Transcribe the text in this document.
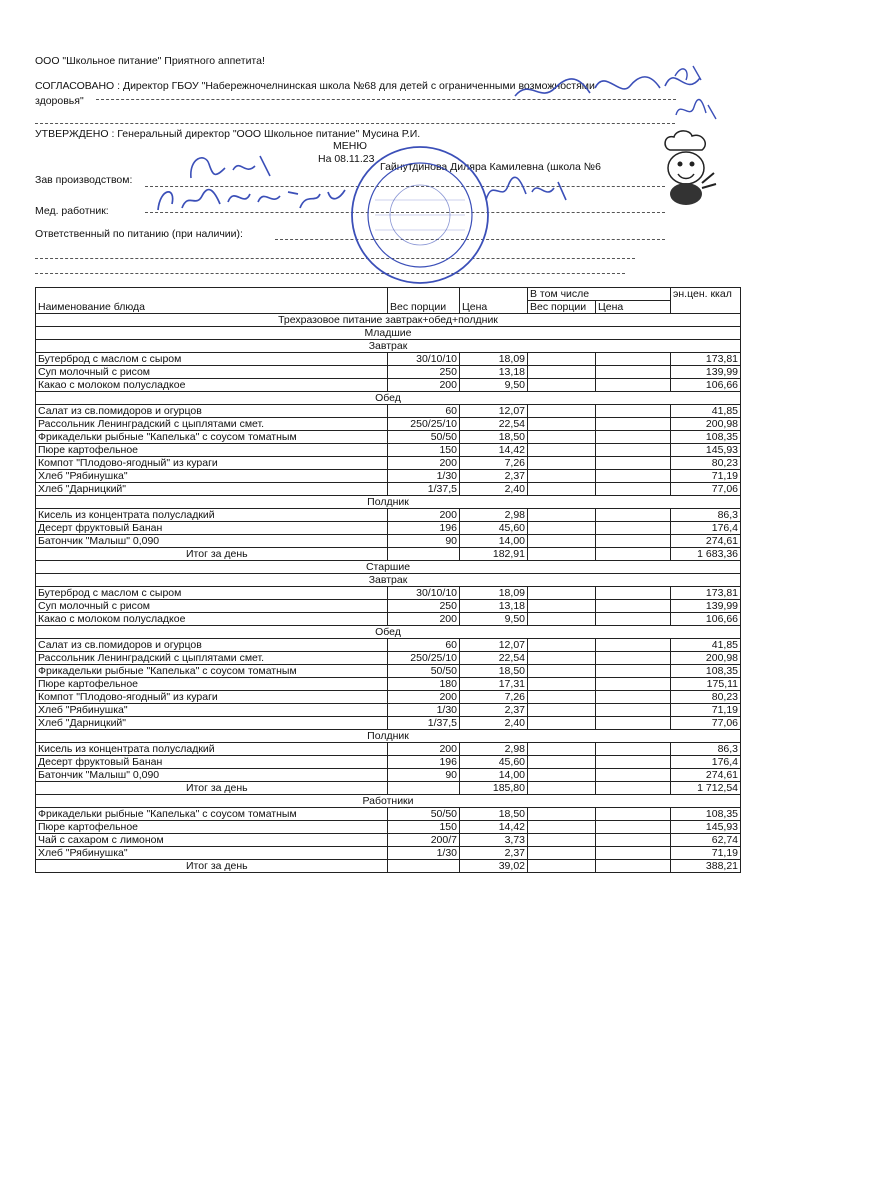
ООО "Школьное питание" Приятного аппетита!
СОГЛАСОВАНО : Директор ГБОУ "Набережночелнинская школа №68 для детей с ограниченными возможностями
здоровья"
УТВЕРЖДЕНО : Генеральный директор "ООО Школьное питание" Мусина Р.И.
МЕНЮ
На 08.11.23
Зав производством:
Гайнутдинова Диляра Камилевна (школа №6
Мед. работник:
Ответственный по питанию (при наличии):
Наименование блюда	Вес порции	Цена	В том числе		эн.цен. ккал
			Вес порции	Цена	
Трехразовое питание завтрак+обед+полдник					
Младшие					
Завтрак					
Бутерброд с маслом с сыром	30/10/10	18,09			173,81
Суп молочный с рисом	250	13,18			139,99
Какао с молоком полусладкое	200	9,50			106,66
Обед					
Салат из св.помидоров и огурцов	60	12,07			41,85
Рассольник Ленинградский с цыплятами смет.	250/25/10	22,54			200,98
Фрикадельки рыбные "Капелька" с соусом томатным	50/50	18,50			108,35
Пюре картофельное	150	14,42			145,93
Компот "Плодово-ягодный" из кураги	200	7,26			80,23
Хлеб "Рябинушка"	1/30	2,37			71,19
Хлеб "Дарницкий"	1/37,5	2,40			77,06
Полдник					
Кисель из концентрата полусладкий	200	2,98			86,3
Десерт фруктовый Банан	196	45,60			176,4
Батончик "Малыш" 0,090	90	14,00			274,61
Итог за день		182,91			1 683,36
Старшие					
Завтрак					
Бутерброд с маслом с сыром	30/10/10	18,09			173,81
Суп молочный с рисом	250	13,18			139,99
Какао с молоком полусладкое	200	9,50			106,66
Обед					
Салат из св.помидоров и огурцов	60	12,07			41,85
Рассольник Ленинградский с цыплятами смет.	250/25/10	22,54			200,98
Фрикадельки рыбные "Капелька" с соусом томатным	50/50	18,50			108,35
Пюре картофельное	180	17,31			175,11
Компот "Плодово-ягодный" из кураги	200	7,26			80,23
Хлеб "Рябинушка"	1/30	2,37			71,19
Хлеб "Дарницкий"	1/37,5	2,40			77,06
Полдник					
Кисель из концентрата полусладкий	200	2,98			86,3
Десерт фруктовый Банан	196	45,60			176,4
Батончик "Малыш" 0,090	90	14,00			274,61
Итог за день		185,80			1 712,54
Работники					
Фрикадельки рыбные "Капелька" с соусом томатным	50/50	18,50			108,35
Пюре картофельное	150	14,42			145,93
Чай с сахаром с лимоном	200/7	3,73			62,74
Хлеб "Рябинушка"	1/30	2,37			71,19
Итог за день		39,02			388,21
